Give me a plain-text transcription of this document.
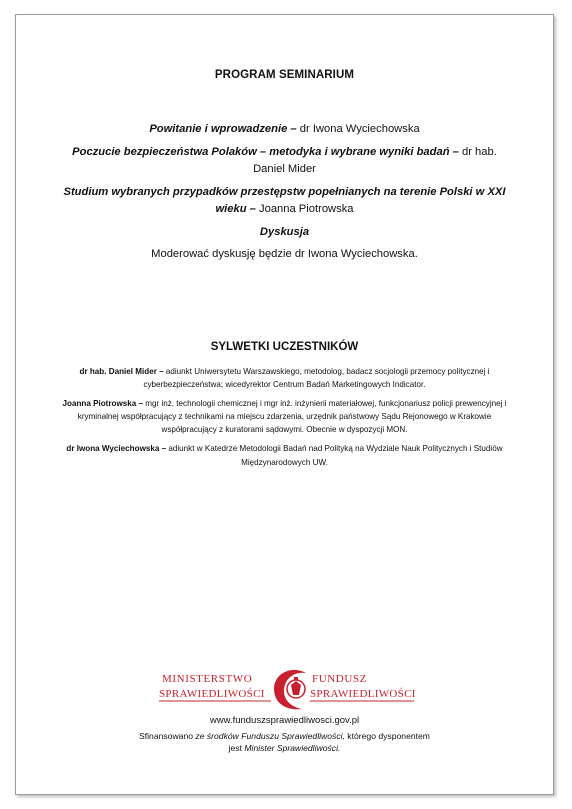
PROGRAM SEMINARIUM

Powitanie i wprowadzenie – dr Iwona Wyciechowska

Poczucie bezpieczeństwa Polaków – metodyka i wybrane wyniki badań – dr hab. Daniel Mider

Studium wybranych przypadków przestępstw popełnianych na terenie Polski w XXI wieku – Joanna Piotrowska

Dyskusja

Moderować dyskusję będzie dr Iwona Wyciechowska.

SYLWETKI UCZESTNIKÓW

dr hab. Daniel Mider – adiunkt Uniwersytetu Warszawskiego, metodolog, badacz socjologii przemocy politycznej i cyberbezpieczeństwa; wicedyrektor Centrum Badań Marketingowych Indicator.

Joanna Piotrowska – mgr inż. technologii chemicznej i mgr inż. inżynierii materiałowej, funkcjonariusz policji prewencyjnej i kryminalnej współpracujący z technikami na miejscu zdarzenia, urzędnik państwowy Sądu Rejonowego w Krakowie współpracujący z kuratorami sądowymi. Obecnie w dyspozycji MON.

dr Iwona Wyciechowska – adiunkt w Katedrze Metodologii Badań nad Polityką na Wydziale Nauk Politycznych i Studiów Międzynarodowych UW.

MINISTERSTWO
SPRAWIEDLIWOŚCI
FUNDUSZ
SPRAWIEDLIWOŚCI
www.funduszsprawiedliwosci.gov.pl
Sfinansowano ze środków Funduszu Sprawiedliwości, którego dysponentem
jest Minister Sprawiedliwości.
